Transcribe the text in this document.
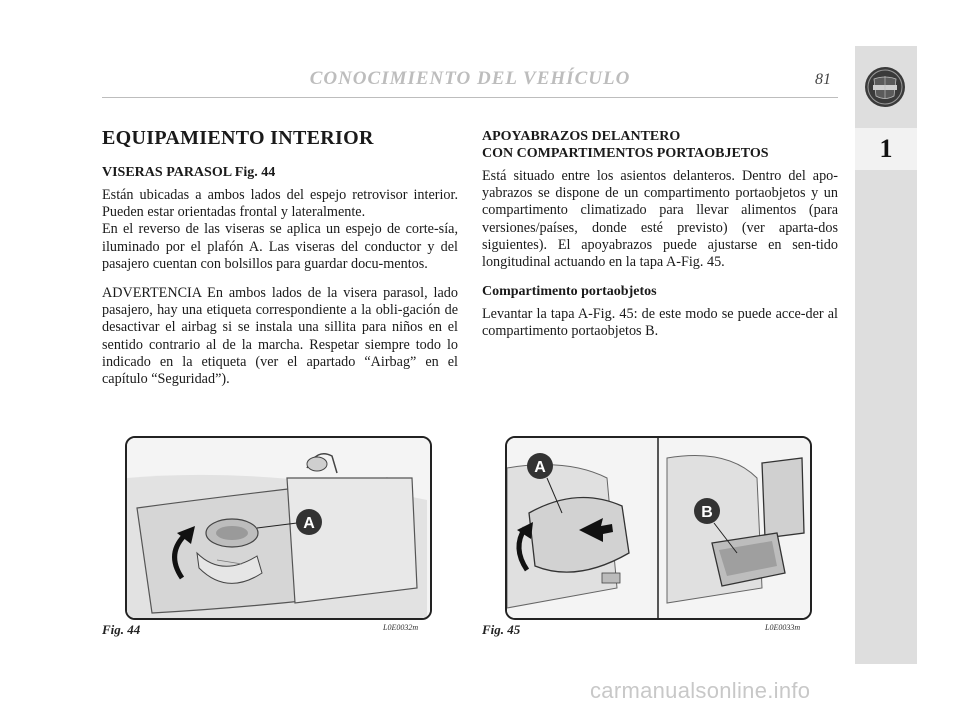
CONOCIMIENTO DEL VEHÍCULO	81
1

EQUIPAMIENTO INTERIOR

VISERAS PARASOL Fig. 44

Están ubicadas a ambos lados del espejo retrovisor interior. Pueden estar orientadas frontal y lateralmente.

En el reverso de las viseras se aplica un espejo de corte-sía, iluminado por el plafón A. Las viseras del conductor y del pasajero cuentan con bolsillos para guardar docu-mentos.

ADVERTENCIA En ambos lados de la visera parasol, lado pasajero, hay una etiqueta correspondiente a la obli-gación de desactivar el airbag si se instala una sillita para niños en el sentido contrario al de la marcha. Respetar siempre todo lo indicado en la etiqueta (ver el apartado “Airbag” en el capítulo “Seguridad”).

APOYABRAZOS DELANTERO

CON COMPARTIMENTOS PORTAOBJETOS

Está situado entre los asientos delanteros. Dentro del apo-yabrazos se dispone de un compartimento portaobjetos y un compartimento climatizado para llevar alimentos (para versiones/países, donde esté previsto) (ver aparta-dos siguientes). El apoyabrazos puede ajustarse en sen-tido longitudinal actuando en la tapa A-Fig. 45.

Compartimento portaobjetos

Levantar la tapa A-Fig. 45: de este modo se puede acce-der al compartimento portaobjetos B.

A
Fig. 44	L0E0032m
A
B
Fig. 45	L0E0033m
carmanualsonline.info
